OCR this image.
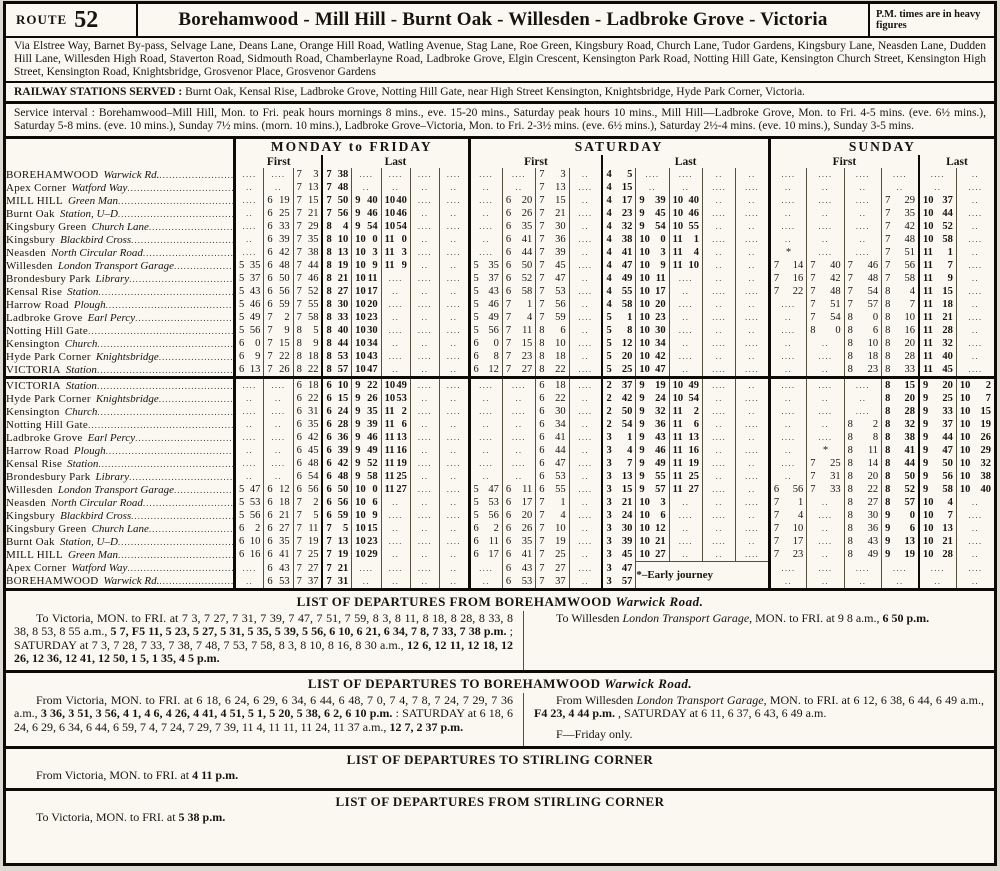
ROUTE 52	Borehamwood - Mill Hill - Burnt Oak - Willesden - Ladbroke Grove - Victoria	P.M. times are in heavy figures
Via Elstree Way, Barnet By-pass, Selvage Lane, Deans Lane, Orange Hill Road, Watling Avenue, Stag Lane, Roe Green, Kingsbury Road, Church Lane, Tudor Gardens, Kingsbury Lane, Neasden Lane, Dudden Hill Lane, Willesden High Road, Staverton Road, Sidmouth Road, Chamberlayne Road, Ladbroke Grove, Elgin Crescent, Kensington Park Road, Notting Hill Gate, Kensington Church Street, Kensington High Street, Kensington Road, Knightsbridge, Grosvenor Place, Grosvenor Gardens
RAILWAY STATIONS SERVED : Burnt Oak, Kensal Rise, Ladbroke Grove, Notting Hill Gate, near High Street Kensington, Knightsbridge, Hyde Park Corner, Victoria.
Service interval : Borehamwood–Mill Hill, Mon. to Fri. peak hours mornings 8 mins., eve. 15-20 mins., Saturday peak hours 10 mins., Mill Hill—Ladbroke Grove, Mon. to Fri. 4-5 mins. (eve. 6½ mins.), Saturday 5-8 mins. (eve. 10 mins.), Sunday 7½ mins. (morn. 10 mins.), Ladbroke Grove–Victoria, Mon. to Fri. 2-3½ mins. (eve. 6½ mins.), Saturday 2½-4 mins. (eve. 10 mins.), Sunday 3-5 mins.
	MONDAY to FRIDAY								SATURDAY									SUNDAY					
	First			Last					First				Last					First				Last	

BOREHAMWOOD Warwick Rd.
.....	....	....	7 3	7 38	....	....	....	....	....	....	7 3	..	4 5	....	....	..	..	....	....	....	....	....	..

Apex Corner Watford Way
.....	..	..	7 13	7 48	..	..	..	..	..	..	7 13	....	4 15	..	..	....	....	..	..	..	..	..	....

MILL HILL Green Man
.....	....	6 19	7 15	7 50	9 40	10 40	....	....	....	6 20	7 15	..	4 17	9 39	10 40	..	..	....	....	....	7 29	10 37	..

Burnt Oak Station, U–D
.....	..	6 25	7 21	7 56	9 46	10 46	..	..	..	6 26	7 21	....	4 23	9 45	10 46	....	....	..	..	..	7 35	10 44	....

Kingsbury Green Church Lane
.....	....	6 33	7 29	8 4	9 54	10 54	....	....	....	6 35	7 30	..	4 32	9 54	10 55	..	..	....	....	....	7 42	10 52	..

Kingsbury Blackbird Cross
.....	..	6 39	7 35	8 10	10 0	11 0	..	..	..	6 41	7 36	....	4 38	10 0	11 1	....	....	..	..	..	7 48	10 58	....

Neasden North Circular Road
.....	....	6 42	7 38	8 13	10 3	11 3	....	....	....	6 44	7 39	..	4 41	10 3	11 4	..	..	*	....	....	7 51	11 1	..

Willesden London Transport Garage
.....	5 35	6 48	7 44	8 19	10 9	11 9	..	..	5 35	6 50	7 45	....	4 47	10 9	11 10	..	..	7 14	7 40	7 46	7 56	11 7	....

Brondesbury Park Library
.....	5 37	6 50	7 46	8 21	10 11	....	....	....	5 37	6 52	7 47	..	4 49	10 11	....	..	..	7 16	7 42	7 48	7 58	11 9	..

Kensal Rise Station
.....	5 43	6 56	7 52	8 27	10 17	..	..	..	5 43	6 58	7 53	....	4 55	10 17	..	....	....	7 22	7 48	7 54	8 4	11 15	....

Harrow Road Plough
.....	5 46	6 59	7 55	8 30	10 20	....	....	....	5 46	7 1	7 56	..	4 58	10 20	....	..	..	....	7 51	7 57	8 7	11 18	..

Ladbroke Grove Earl Percy
.....	5 49	7 2	7 58	8 33	10 23	..	..	..	5 49	7 4	7 59	....	5 1	10 23	..	....	....	..	7 54	8 0	8 10	11 21	....

Notting Hill Gate
.....	5 56	7 9	8 5	8 40	10 30	....	....	....	5 56	7 11	8 6	..	5 8	10 30	....	..	..	....	8 0	8 6	8 16	11 28	..

Kensington Church
.....	6 0	7 15	8 9	8 44	10 34	..	..	..	6 0	7 15	8 10	....	5 12	10 34	..	....	....	..	..	8 10	8 20	11 32	....

Hyde Park Corner Knightsbridge
.....	6 9	7 22	8 18	8 53	10 43	....	....	....	6 8	7 23	8 18	..	5 20	10 42	....	..	..	....	....	8 18	8 28	11 40	..

VICTORIA Station
.....	6 13	7 26	8 22	8 57	10 47	..	..	..	6 12	7 27	8 22	....	5 25	10 47	..	....	....	..	..	8 23	8 33	11 45	....

VICTORIA Station
.....	....	....	6 18	6 10	9 22	10 49	....	....	....	....	6 18	....	2 37	9 19	10 49	....	..	....	....	....	8 15	9 20	10 2

Hyde Park Corner Knightsbridge
.....	..	..	6 22	6 15	9 26	10 53	..	..	..	..	6 22	..	2 42	9 24	10 54	..	....	..	..	..	8 20	9 25	10 7

Kensington Church
.....	....	....	6 31	6 24	9 35	11 2	....	....	....	....	6 30	....	2 50	9 32	11 2	....	..	....	....	....	8 28	9 33	10 15

Notting Hill Gate
.....	..	..	6 35	6 28	9 39	11 6	..	..	..	..	6 34	..	2 54	9 36	11 6	..	....	..	..	8 2	8 32	9 37	10 19

Ladbroke Grove Earl Percy
.....	....	....	6 42	6 36	9 46	11 13	....	....	....	....	6 41	....	3 1	9 43	11 13	....	..	....	....	8 8	8 38	9 44	10 26

Harrow Road Plough
.....	..	..	6 45	6 39	9 49	11 16	..	..	..	..	6 44	..	3 4	9 46	11 16	..	....	..	*	8 11	8 41	9 47	10 29

Kensal Rise Station
.....	....	....	6 48	6 42	9 52	11 19	....	....	....	....	6 47	....	3 7	9 49	11 19	....	..	....	7 25	8 14	8 44	9 50	10 32

Brondesbury Park Library
.....	..	..	6 54	6 48	9 58	11 25	..	..	..	..	6 53	..	3 13	9 55	11 25	..	....	..	7 31	8 20	8 50	9 56	10 38

Willesden London Transport Garage
.....	5 47	6 12	6 56	6 50	10 0	11 27	....	....	5 47	6 11	6 55	....	3 15	9 57	11 27	....	..	6 56	7 33	8 22	8 52	9 58	10 40

Neasden North Circular Road
.....	5 53	6 18	7 2	6 56	10 6	..	..	..	5 53	6 17	7 1	..	3 21	10 3	..	..	....	7 1	..	8 27	8 57	10 4	..

Kingsbury Blackbird Cross
.....	5 56	6 21	7 5	6 59	10 9	....	....	....	5 56	6 20	7 4	....	3 24	10 6	....	....	..	7 4	....	8 30	9 0	10 7	....

Kingsbury Green Church Lane
.....	6 2	6 27	7 11	7 5	10 15	..	..	..	6 2	6 26	7 10	..	3 30	10 12	..	..	....	7 10	..	8 36	9 6	10 13	..

Burnt Oak Station, U–D
.....	6 10	6 35	7 19	7 13	10 23	....	....	....	6 11	6 35	7 19	....	3 39	10 21	....	....	..	7 17	....	8 43	9 13	10 21	....

MILL HILL Green Man
.....	6 16	6 41	7 25	7 19	10 29	..	..	..	6 17	6 41	7 25	..	3 45	10 27	..	..	....	7 23	..	8 49	9 19	10 28	..

Apex Corner Watford Way
.....	....	6 43	7 27	7 21	....	....	....	..	....	6 43	7 27	....	3 47	*–Early journey				....	....	....	....	....	....

BOREHAMWOOD Warwick Rd.
.....	..	6 53	7 37	7 31	..	..	..	..	..	6 53	7 37	..	3 57					..	..	..	..	..	..
LIST OF DEPARTURES FROM BOREHAMWOOD Warwick Road.

To Victoria, MON. to FRI. at 7 3, 7 27, 7 31, 7 39, 7 47, 7 51, 7 59, 8 3, 8 11, 8 18, 8 28, 8 33, 8 38, 8 53, 8 55 a.m., 5 7, F5 11, 5 23, 5 27, 5 31, 5 35, 5 39, 5 56, 6 10, 6 21, 6 34, 7 8, 7 33, 7 38 p.m. ; SATURDAY at 7 3, 7 28, 7 33, 7 38, 7 48, 7 53, 7 58, 8 3, 8 10, 8 16, 8 30 a.m., 12 6, 12 11, 12 18, 12 26, 12 36, 12 41, 12 50, 1 5, 1 35, 4 5 p.m.

To Willesden London Transport Garage, MON. to FRI. at 9 8 a.m., 6 50 p.m.

LIST OF DEPARTURES TO BOREHAMWOOD Warwick Road.

From Victoria, MON. to FRI. at 6 18, 6 24, 6 29, 6 34, 6 44, 6 48, 7 0, 7 4, 7 8, 7 24, 7 29, 7 36 a.m., 3 36, 3 51, 3 56, 4 1, 4 6, 4 26, 4 41, 4 51, 5 1, 5 20, 5 38, 6 2, 6 10 p.m. : SATURDAY at 6 18, 6 24, 6 29, 6 34, 6 44, 6 59, 7 4, 7 24, 7 29, 7 39, 11 4, 11 11, 11 24, 11 37 a.m., 12 7, 2 37 p.m.

From Willesden London Transport Garage, MON. to FRI. at 6 12, 6 38, 6 44, 6 49 a.m., F4 23, 4 44 p.m. , SATURDAY at 6 11, 6 37, 6 43, 6 49 a.m.

F—Friday only.

LIST OF DEPARTURES TO STIRLING CORNER

From Victoria, MON. to FRI. at 4 11 p.m.

LIST OF DEPARTURES FROM STIRLING CORNER

To Victoria, MON. to FRI. at 5 38 p.m.
